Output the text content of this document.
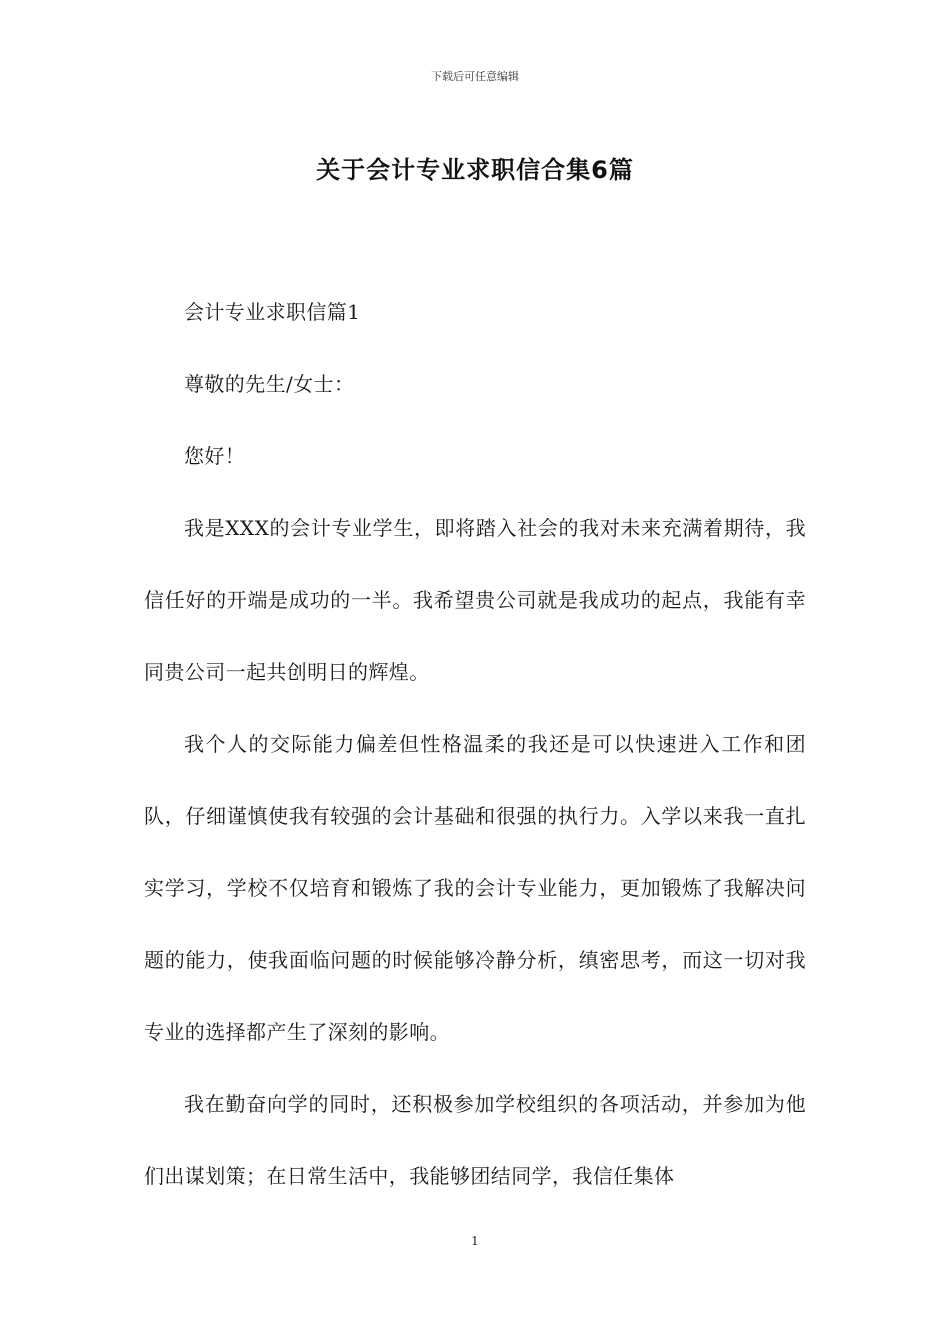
下载后可任意编辑
关于会计专业求职信合集6篇

会计专业求职信篇1

尊敬的先生/女士：

您好！

我是XXX的会计专业学生，即将踏入社会的我对未来充满着期待，我信任好的开端是成功的一半。我希望贵公司就是我成功的起点，我能有幸同贵公司一起共创明日的辉煌。

我个人的交际能力偏差但性格温柔的我还是可以快速进入工作和团队，仔细谨慎使我有较强的会计基础和很强的执行力。入学以来我一直扎实学习，学校不仅培育和锻炼了我的会计专业能力，更加锻炼了我解决问题的能力，使我面临问题的时候能够冷静分析，缜密思考，而这一切对我专业的选择都产生了深刻的影响。

我在勤奋向学的同时，还积极参加学校组织的各项活动，并参加为他们出谋划策；在日常生活中，我能够团结同学，我信任集体

1
